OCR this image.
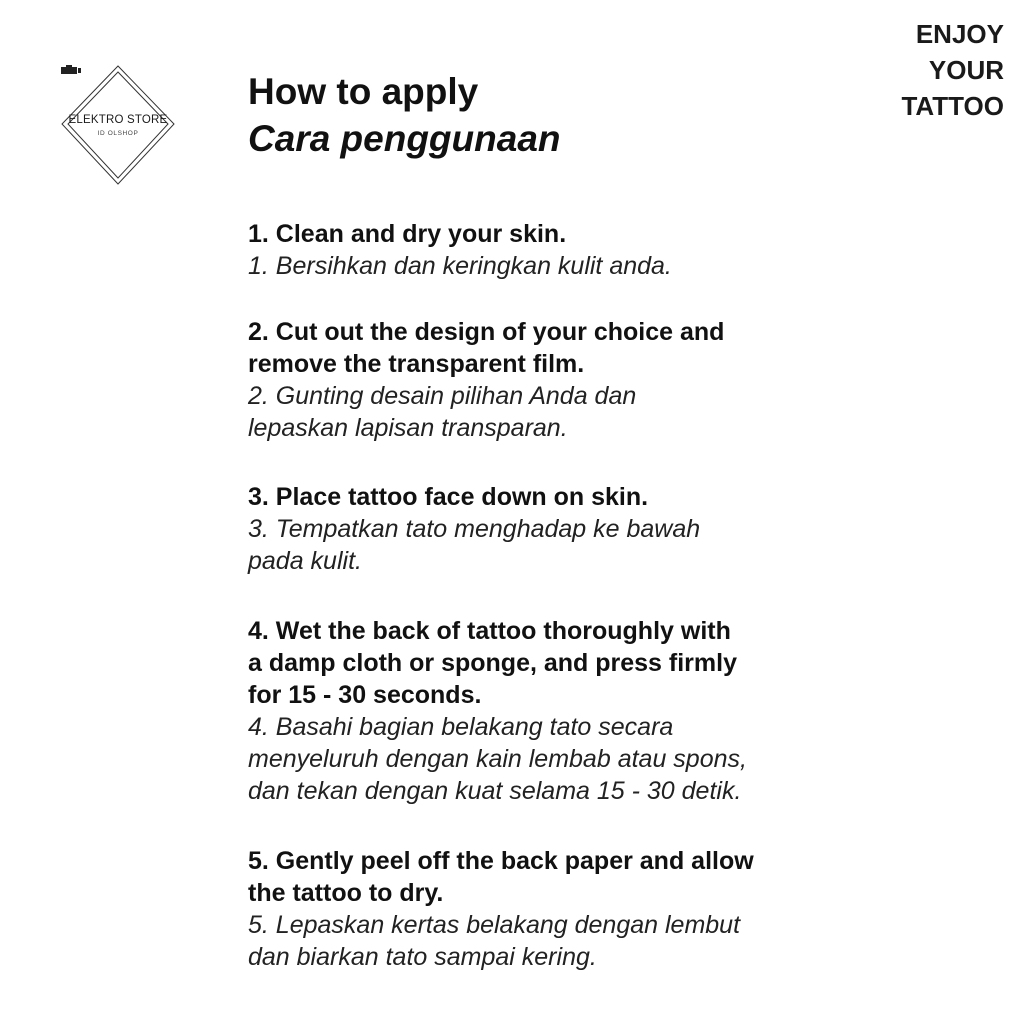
ELEKTRO STORE
ID OLSHOP
ENJOY
YOUR
TATTOO
How to apply
Cara penggunaan

1. Clean and dry your skin.

1. Bersihkan dan keringkan kulit anda.

2. Cut out the design of your choice and
remove the transparent film.

2. Gunting desain pilihan Anda dan
lepaskan lapisan transparan.

3. Place tattoo face down on skin.

3. Tempatkan tato menghadap ke bawah
pada kulit.

4. Wet the back of tattoo thoroughly with
a damp cloth or sponge, and press firmly
for 15 - 30 seconds.

4. Basahi bagian belakang tato secara
menyeluruh dengan kain lembab atau spons,
dan tekan dengan kuat selama 15 - 30 detik.

5. Gently peel off the back paper and allow
the tattoo to dry.

5. Lepaskan kertas belakang dengan lembut
dan biarkan tato sampai kering.
